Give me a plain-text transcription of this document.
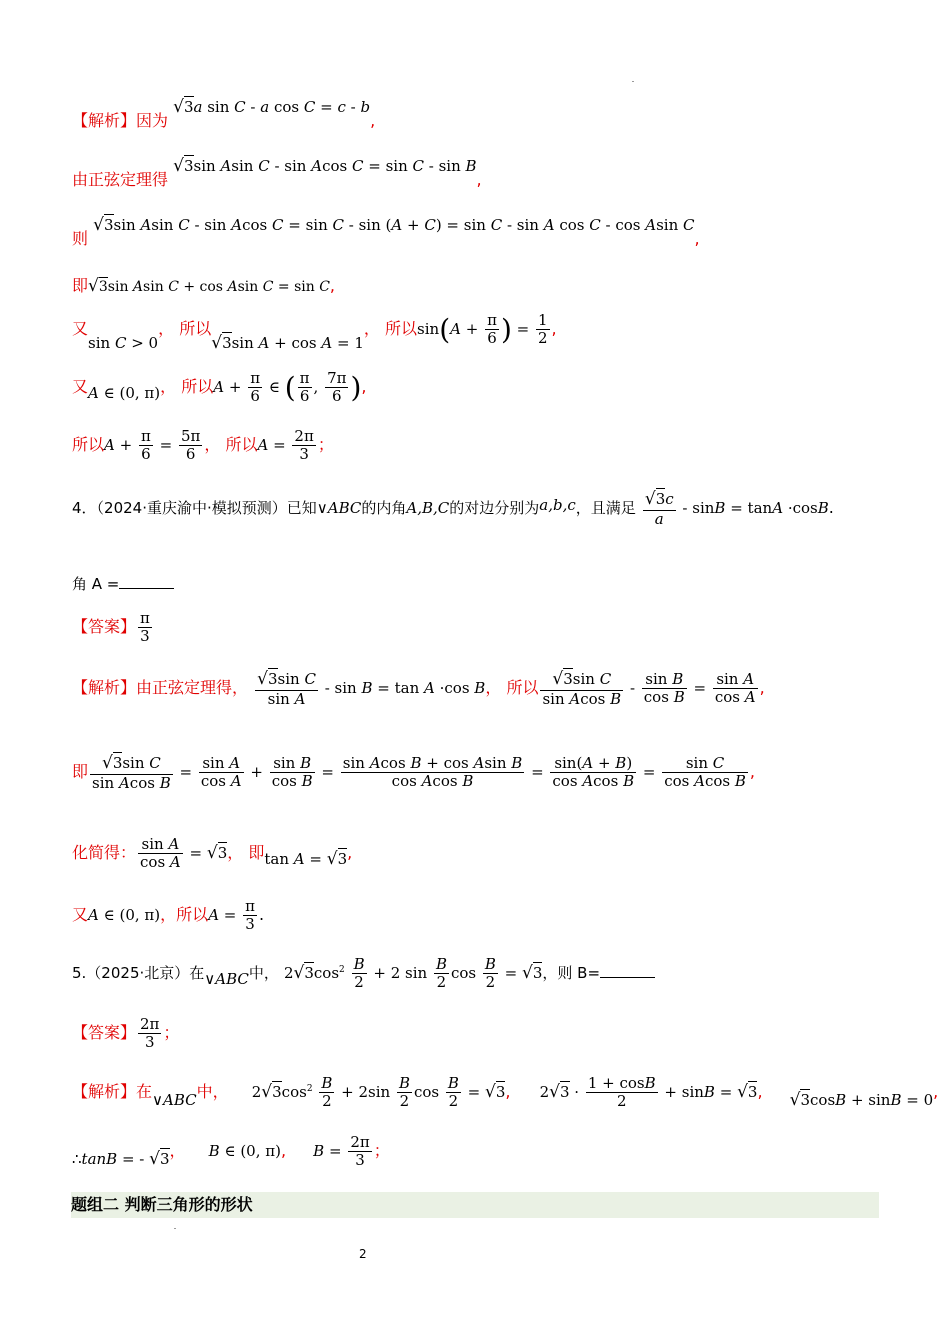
【解析】因为 √3a sin C - a cos C = c - b,
由正弦定理得 √3sin Asin C - sin Acos C = sin C - sin B,
则 √3sin Asin C - sin Acos C = sin C - sin (A + C) = sin C - sin A cos C - cos Asin C,
即√3sin Asin C + cos Asin C = sin C,
又sin C > 0， 所以√3sin A + cos A = 1， 所以$\sin(A + \frac{\pi}{6}$ ) = $\frac{1}{2}$ ,
又A ∈ (0, π)， 所以$A + \frac{\pi}{6}$ ∈ ( $\frac{\pi}{6}$ , $\frac{7\pi}{6}$ ),
所以$A + \frac{\pi}{6} = \frac{5\pi}{6}$ ， 所以$A = \frac{2\pi}{3}$ ；
4．（2024·重庆渝中·模拟预测）已知∨ABC的内角A,B,C的对边分别为a,b,c，且满足 $\frac{√3c}{a} - \sin B = \tan A \cdot\cos B$.
角 A =
【答案】 $\frac{\pi}{3}$
【解析】由正弦定理得， $\frac{\text{√3sin C}}{\text{sin A}} - \sin B = \tan A \cdot\cos$ B， 所以 $\frac{\text{√3sin C}}{\text{sin Acos B}} - \frac{\text{sin B}}{\text{cos B}} = \frac{\text{sin A}}{\text{cos A}}$ ,
即 $\frac{\text{√3sin C}}{\text{sin Acos B}} = \frac{\text{sin A}}{\text{cos A}} + \frac{\text{sin B}}{\text{cos B}} = \frac{\text{sin Acos B + cos Asin B}}{\text{cos Acos B}} = \frac{\sin(A + B)}{\text{cos Acos B}} = \frac{\text{sin C}}{\text{cos Acos B}}$ ,
化简得： $\frac{\text{sin A}}{\text{cos A}} = √3$， 即tan A = √3,
又A ∈ (0, π)，所以$A = \frac{\pi}{3}$ .
5.（2025·北京）在∨ABC中， $2√3\cos^2 \frac{B}{2} + 2$ $\sin \frac{B}{2}$ $\cos \frac{B}{2} = √3$，则 B=
【答案】 $\frac{2\pi}{3}$ ；
【解析】在∨ABC中， $2√3\cos^2 \frac{B}{2} + 2\sin \frac{B}{2}$ $\cos \frac{B}{2} = √3$, $2√3 \cdot \frac{1 + \cos B}{2} + \sin B = √3$, √3cosB + sinB = 0,
∴tanB = - √3， B ∈ (0, π), $B = \frac{2\pi}{3}$ ；
题组二 判断三角形的形状
2
